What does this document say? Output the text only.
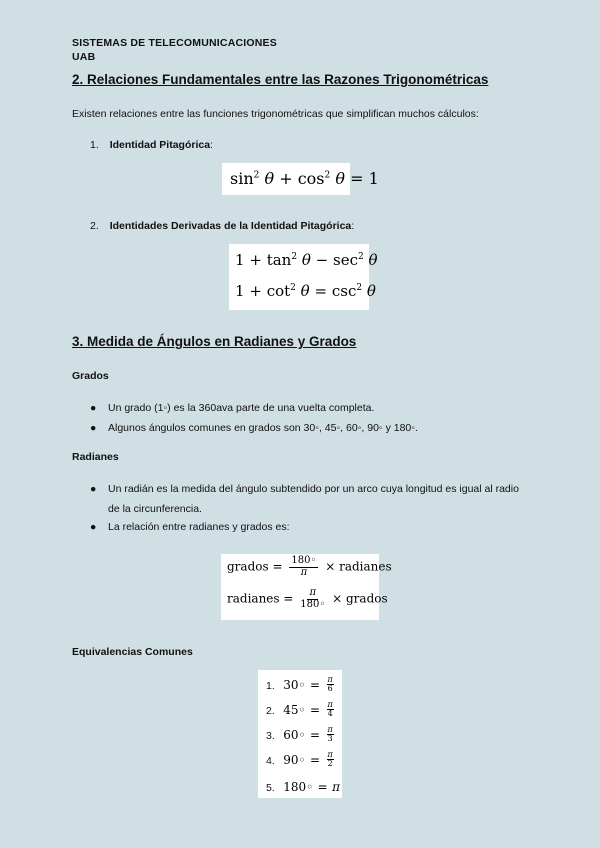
SISTEMAS DE TELECOMUNICACIONES
UAB
2. Relaciones Fundamentales entre las Razones Trigonométricas
Existen relaciones entre las funciones trigonométricas que simplifican muchos cálculos:
1. Identidad Pitagórica:
$\sin^2 \theta + \cos^2 \theta = 1$
2. Identidades Derivadas de la Identidad Pitagórica:
$1 + \tan^2 \theta - \sec^2 \theta$
$1 + \cot^2 \theta = \csc^2 \theta$
3. Medida de Ángulos en Radianes y Grados
Grados
● Un grado (1◦) es la 360ava parte de una vuelta completa.
● Algunos ángulos comunes en grados son 30◦, 45◦, 60◦, 90◦ y 180◦.
Radianes
● Un radián es la medida del ángulo subtendido por un arco cuya longitud es igual al radio de la circunferencia.
● La relación entre radianes y grados es:
grados = $\frac{180◦}{\pi}$ × radianes
radianes = $\frac{\pi}{180◦}$ × grados
Equivalencias Comunes
1. 30◦ = $\frac{\pi}{6}$
2. 45◦ = $\frac{\pi}{4}$
3. 60◦ = $\frac{\pi}{3}$
4. 90◦ = $\frac{\pi}{2}$
5. 180◦ = π
